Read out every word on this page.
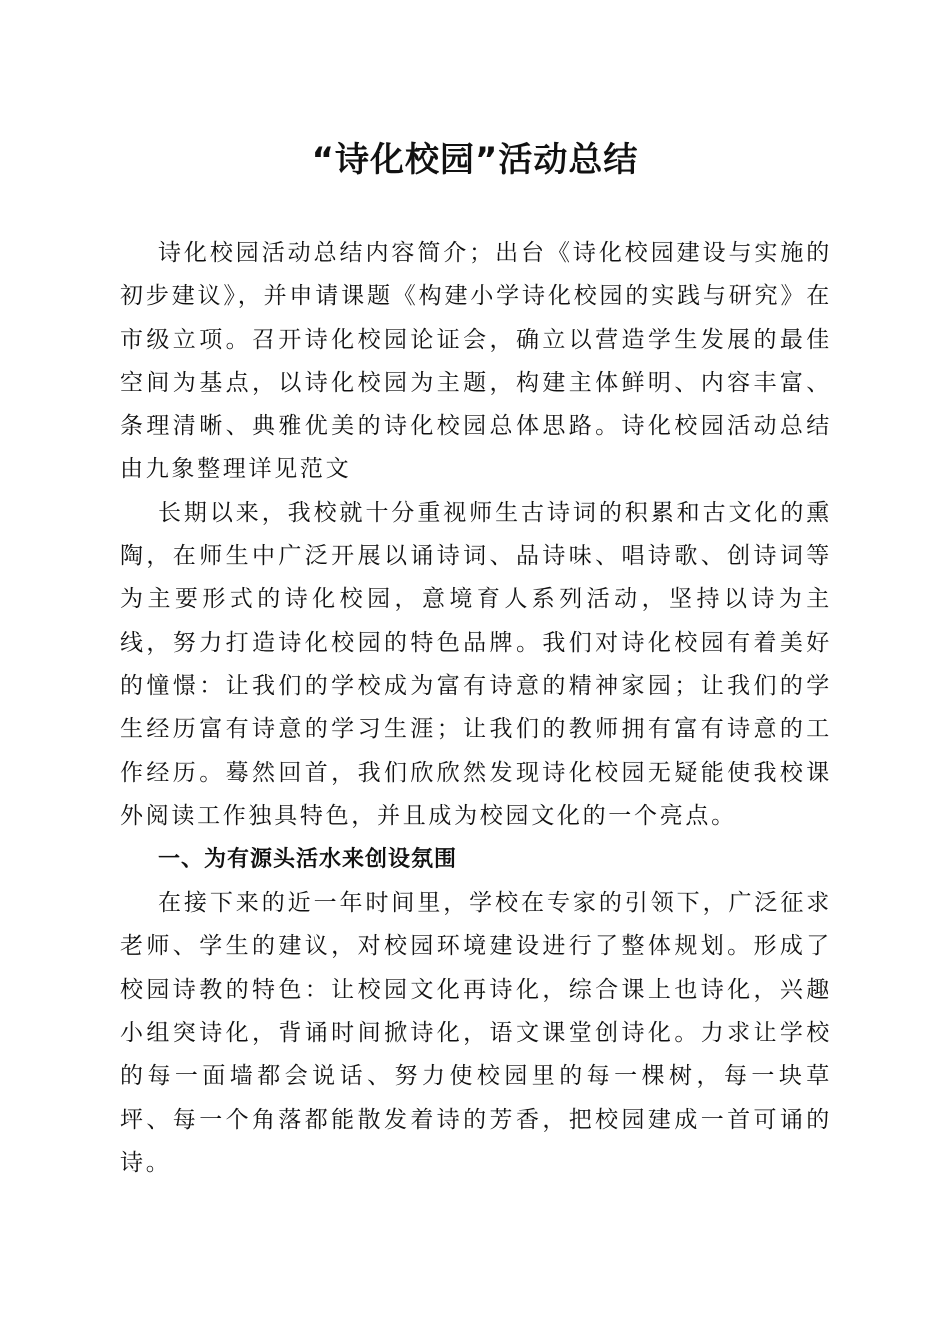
“诗化校园”活动总结

诗化校园活动总结内容简介；出台《诗化校园建设与实施的初步建议》，并申请课题《构建小学诗化校园的实践与研究》在市级立项。召开诗化校园论证会，确立以营造学生发展的最佳空间为基点，以诗化校园为主题，构建主体鲜明、内容丰富、条理清晰、典雅优美的诗化校园总体思路。诗化校园活动总结由九象整理详见范文

长期以来，我校就十分重视师生古诗词的积累和古文化的熏陶，在师生中广泛开展以诵诗词、品诗味、唱诗歌、创诗词等为主要形式的诗化校园，意境育人系列活动，坚持以诗为主线，努力打造诗化校园的特色品牌。我们对诗化校园有着美好的憧憬：让我们的学校成为富有诗意的精神家园；让我们的学生经历富有诗意的学习生涯；让我们的教师拥有富有诗意的工作经历。蓦然回首，我们欣欣然发现诗化校园无疑能使我校课外阅读工作独具特色，并且成为校园文化的一个亮点。

一、为有源头活水来创设氛围

在接下来的近一年时间里，学校在专家的引领下，广泛征求老师、学生的建议，对校园环境建设进行了整体规划。形成了校园诗教的特色：让校园文化再诗化，综合课上也诗化，兴趣小组突诗化，背诵时间掀诗化，语文课堂创诗化。力求让学校的每一面墙都会说话、努力使校园里的每一棵树，每一块草坪、每一个角落都能散发着诗的芳香，把校园建成一首可诵的诗。
